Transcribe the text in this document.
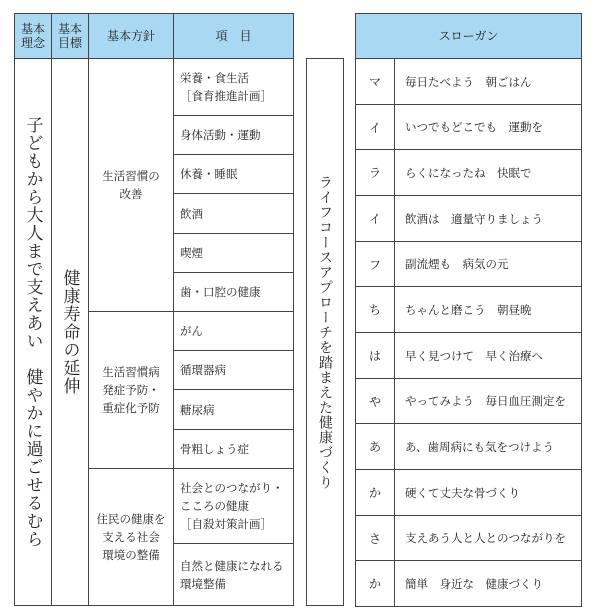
基本
理念
基本
目標 基本方針	項　目
子どもから大人まで支えあい　健やかに過ごせるむら 健康寿命の延伸
生活習慣の
改善
生活習慣病
発症予防・
重症化予防
住民の健康を
支える社会
環境の整備
栄養・食生活
［食育推進計画］
身体活動・運動
休養・睡眠
飲酒
喫煙
歯・口腔の健康
がん
循環器病
糖尿病
骨粗しょう症
社会とのつながり・
こころの健康
［自殺対策計画］
自然と健康になれる
環境整備
ライフコースアプローチを踏まえた健康づくり
スローガン
マ 毎日たべよう　朝ごはん
イ いつでもどこでも　運動を
ラ らくになったね　快眠で
イ 飲酒は　適量守りましょう
フ 副流煙も　病気の元
ち ちゃんと磨こう　朝昼晩
は 早く見つけて　早く治療へ
や やってみよう　毎日血圧測定を
あ あ、歯周病にも気をつけよう
か 硬くて丈夫な骨づくり
さ 支えあう人と人とのつながりを
か 簡単　身近な　健康づくり
